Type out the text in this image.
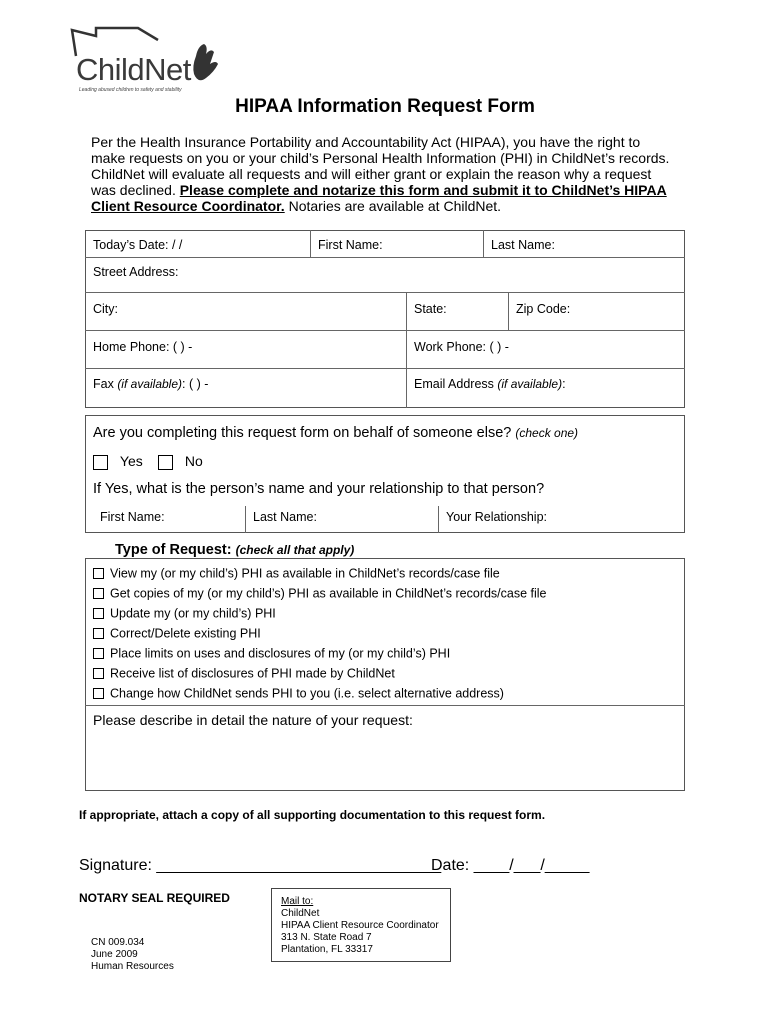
ChildNet
Leading abused children to safety and stability
HIPAA Information Request Form
Per the Health Insurance Portability and Accountability Act (HIPAA), you have the right to make requests on you or your child’s Personal Health Information (PHI) in ChildNet’s records. ChildNet will evaluate all requests and will either grant or explain the reason why a request was declined. Please complete and notarize this form and submit it to ChildNet’s HIPAA Client Resource Coordinator. Notaries are available at ChildNet.
Today’s Date: / /	First Name:	Last Name:
Street Address:
City:	State:	Zip Code:
Home Phone: ( ) -	Work Phone: ( ) -
Fax (if available): ( ) -	Email Address (if available):
Are you completing this request form on behalf of someone else? (check one)
Yes	No
If Yes, what is the person’s name and your relationship to that person?
First Name:	Last Name:	Your Relationship:
Type of Request: (check all that apply)
View my (or my child’s) PHI as available in ChildNet’s records/case file
Get copies of my (or my child’s) PHI as available in ChildNet’s records/case file
Update my (or my child’s) PHI
Correct/Delete existing PHI
Place limits on uses and disclosures of my (or my child’s) PHI
Receive list of disclosures of PHI made by ChildNet
Change how ChildNet sends PHI to you (i.e. select alternative address)
Please describe in detail the nature of your request:
If appropriate, attach a copy of all supporting documentation to this request form.
Signature: ________________________________
Date: ____/___/_____
NOTARY SEAL REQUIRED
CN 009.034
June 2009
Human Resources
Mail to:
ChildNet
HIPAA Client Resource Coordinator
313 N. State Road 7
Plantation, FL 33317
